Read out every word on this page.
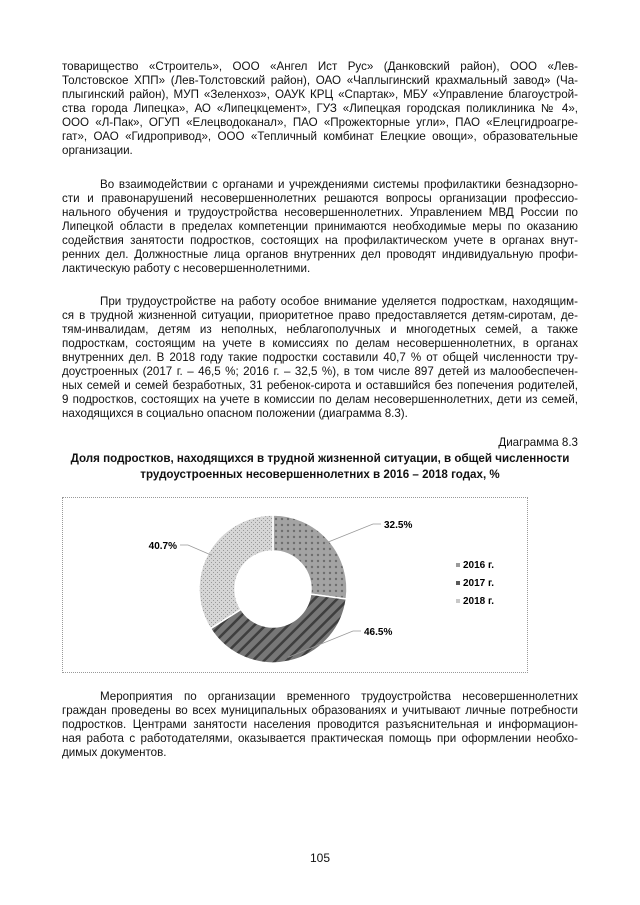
товарищество «Строитель», ООО «Ангел Ист Рус» (Данковский район), ООО «Лев-
Толстовское ХПП» (Лев-Толстовский район), ОАО «Чаплыгинский крахмальный завод» (Ча-
плыгинский район), МУП «Зеленхоз», ОАУК КРЦ «Спартак», МБУ «Управление благоустрой-
ства города Липецка», АО «Липецкцемент», ГУЗ «Липецкая городская поликлиника № 4»,
ООО «Л-Пак», ОГУП «Елецводоканал», ПАО «Прожекторные угли», ПАО «Елецгидроагре-
гат», ОАО «Гидропривод», ООО «Тепличный комбинат Елецкие овощи», образовательные
организации.
Во взаимодействии с органами и учреждениями системы профилактики безнадзорно-
сти и правонарушений несовершеннолетних решаются вопросы организации профессио-
нального обучения и трудоустройства несовершеннолетних. Управлением МВД России по
Липецкой области в пределах компетенции принимаются необходимые меры по оказанию
содействия занятости подростков, состоящих на профилактическом учете в органах внут-
ренних дел. Должностные лица органов внутренних дел проводят индивидуальную профи-
лактическую работу с несовершеннолетними.
При трудоустройстве на работу особое внимание уделяется подросткам, находящим-
ся в трудной жизненной ситуации, приоритетное право предоставляется детям-сиротам, де-
тям-инвалидам, детям из неполных, неблагополучных и многодетных семей, а также
подросткам, состоящим на учете в комиссиях по делам несовершеннолетних, в органах
внутренних дел. В 2018 году такие подростки составили 40,7 % от общей численности тру-
доустроенных (2017 г. – 46,5 %; 2016 г. – 32,5 %), в том числе 897 детей из малообеспечен-
ных семей и семей безработных, 31 ребенок-сирота и оставшийся без попечения родителей,
9 подростков, состоящих на учете в комиссии по делам несовершеннолетних, дети из семей,
находящихся в социально опасном положении (диаграмма 8.3).
Диаграмма 8.3
Доля подростков, находящихся в трудной жизненной ситуации, в общей численности
трудоустроенных несовершеннолетних в 2016 – 2018 годах, %
32.5%
46.5%
40.7%
2016 г.
2017 г.
2018 г.
Мероприятия по организации временного трудоустройства несовершеннолетних
граждан проведены во всех муниципальных образованиях и учитывают личные потребности
подростков. Центрами занятости населения проводится разъяснительная и информацион-
ная работа с работодателями, оказывается практическая помощь при оформлении необхо-
димых документов.
105
